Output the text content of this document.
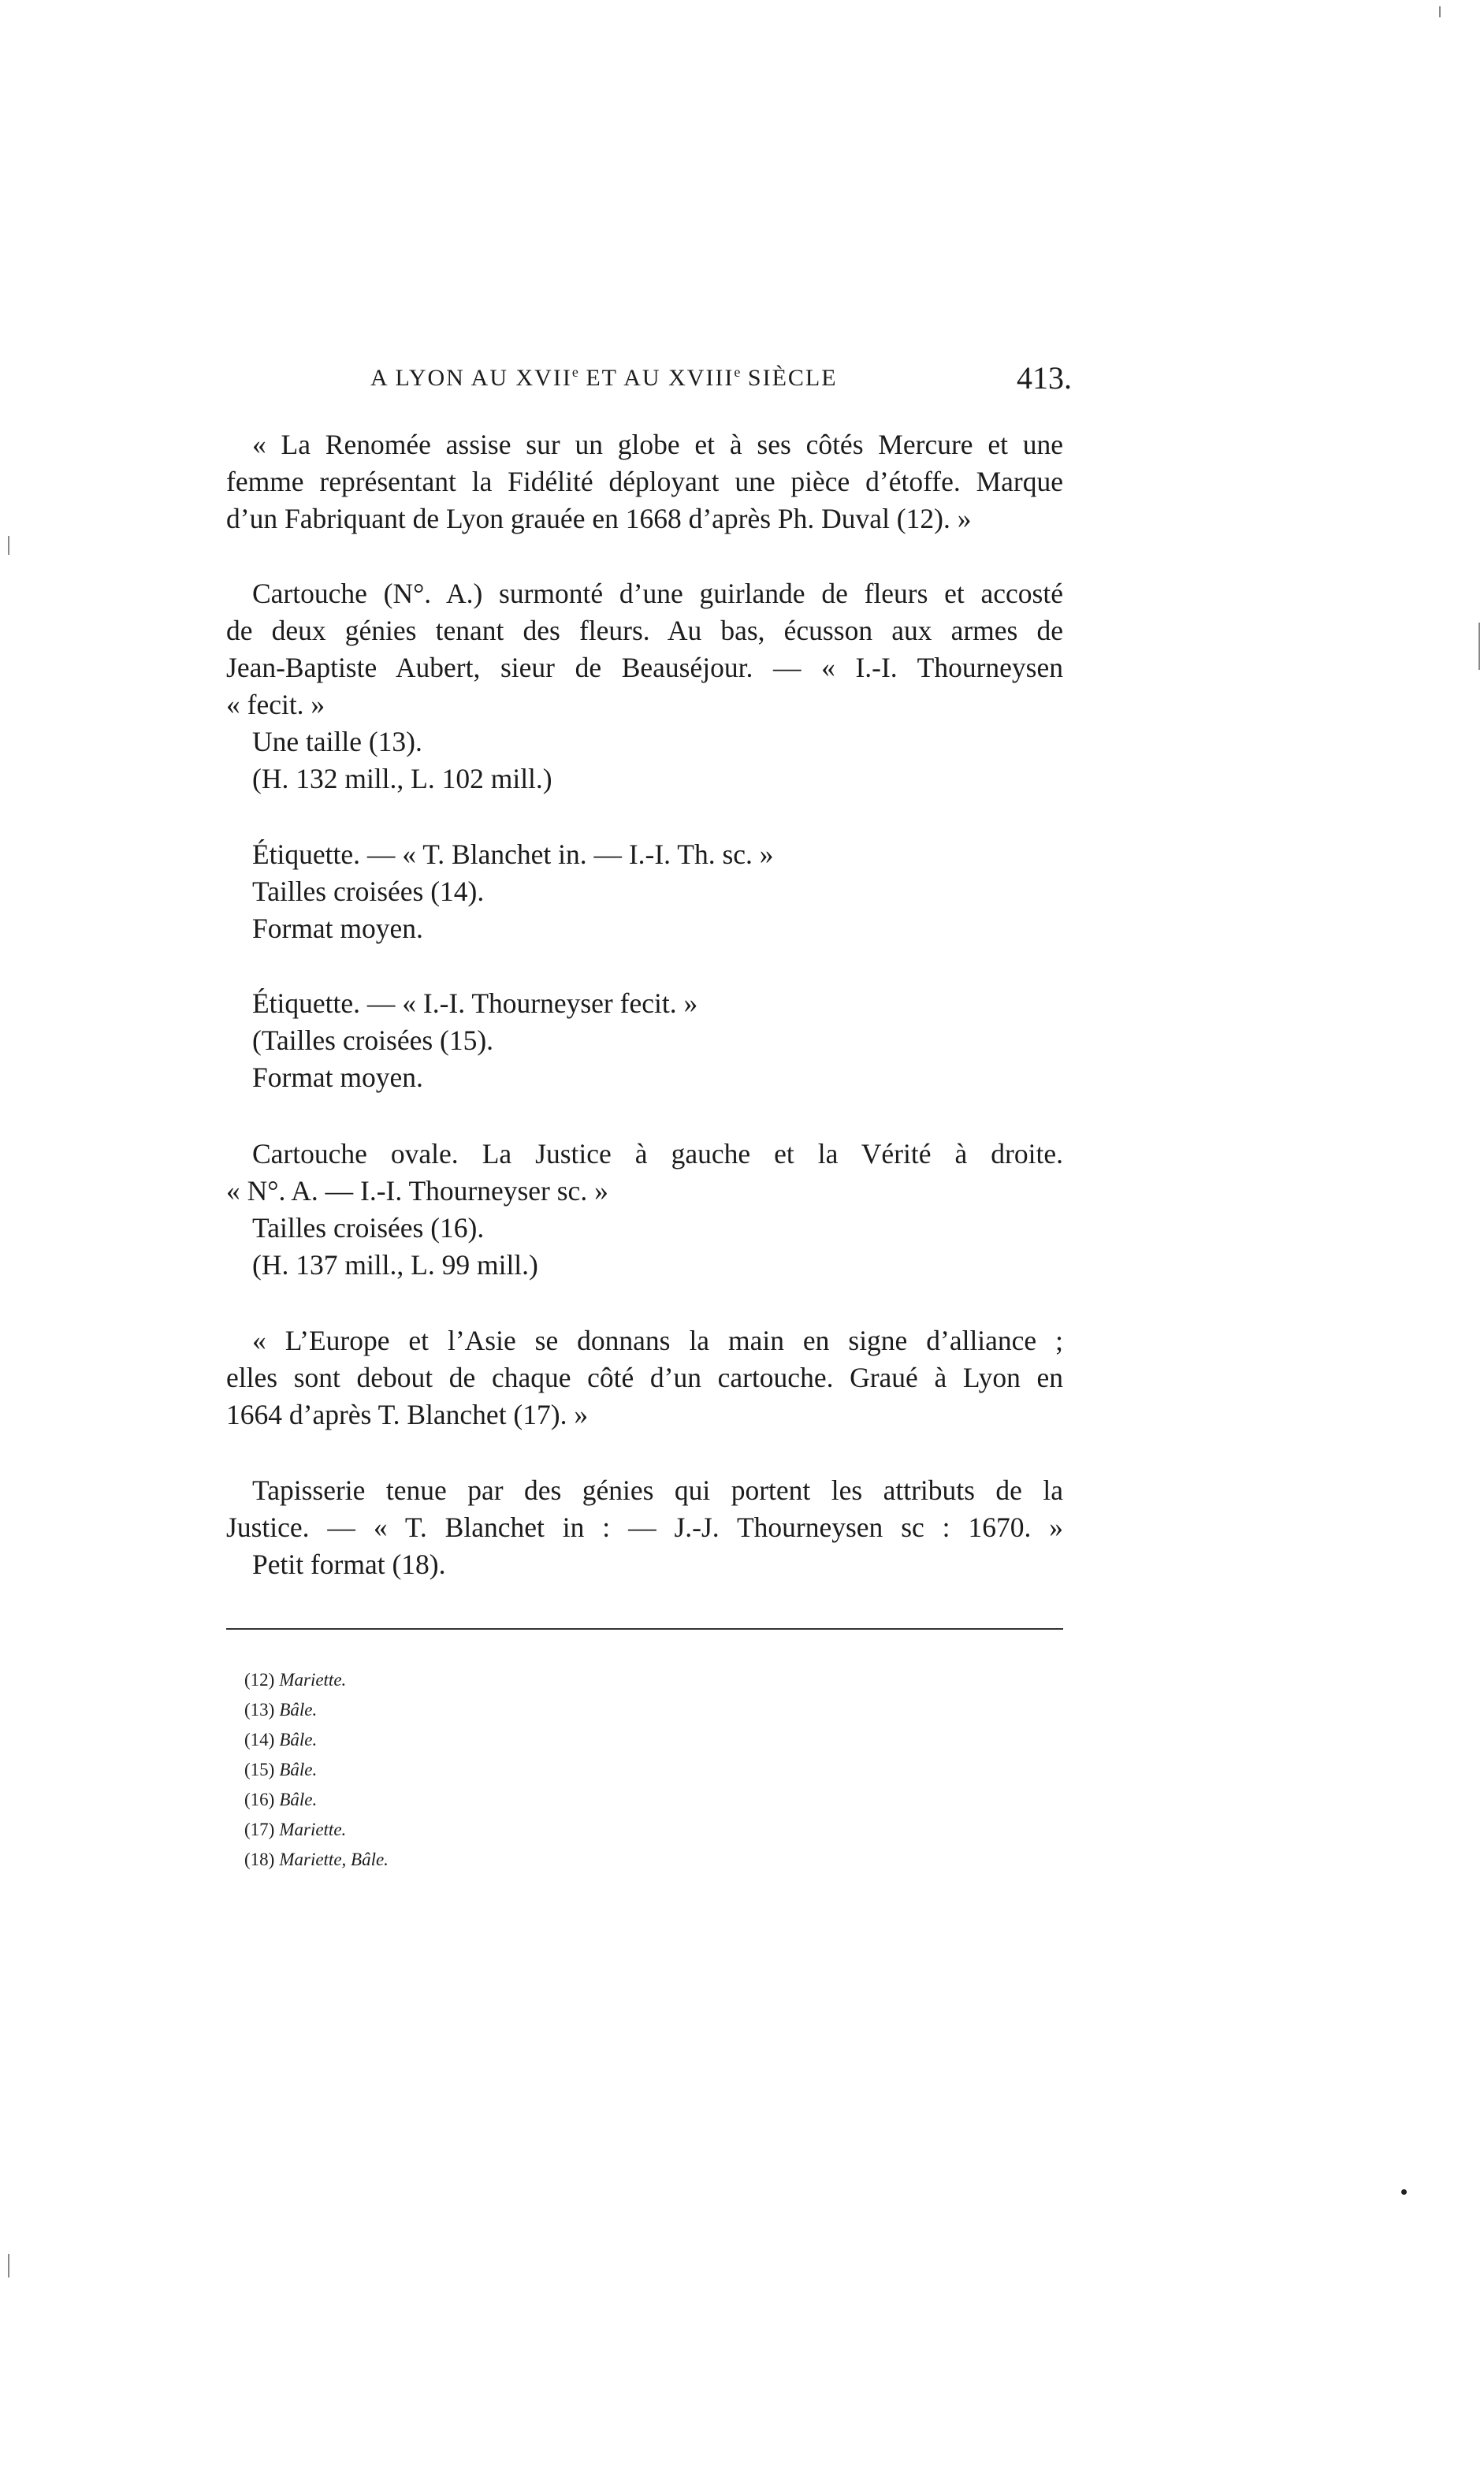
A LYON AU XVIIe ET AU XVIIIe SIÈCLE	413.
« La Renomée assise sur un globe et à ses côtés Mercure et une
femme représentant la Fidélité déployant une pièce d’étoffe. Marque
d’un Fabriquant de Lyon grauée en 1668 d’après Ph. Duval (12). »
Cartouche (N°. A.) surmonté d’une guirlande de fleurs et accosté
de deux génies tenant des fleurs. Au bas, écusson aux armes de
Jean-Baptiste Aubert, sieur de Beauséjour. — « I.-I. Thourneysen
« fecit. »
Une taille (13).
(H. 132 mill., L. 102 mill.)
Étiquette. — « T. Blanchet in. — I.-I. Th. sc. »
Tailles croisées (14).
Format moyen.
Étiquette. — « I.-I. Thourneyser fecit. »
(Tailles croisées (15).
Format moyen.
Cartouche ovale. La Justice à gauche et la Vérité à droite.
« N°. A. — I.-I. Thourneyser sc. »
Tailles croisées (16).
(H. 137 mill., L. 99 mill.)
« L’Europe et l’Asie se donnans la main en signe d’alliance ;
elles sont debout de chaque côté d’un cartouche. Graué à Lyon en
1664 d’après T. Blanchet (17). »
Tapisserie tenue par des génies qui portent les attributs de la
Justice. — « T. Blanchet in : — J.-J. Thourneysen sc : 1670. »
Petit format (18).
(12) Mariette.
(13) Bâle.
(14) Bâle.
(15) Bâle.
(16) Bâle.
(17) Mariette.
(18) Mariette, Bâle.
